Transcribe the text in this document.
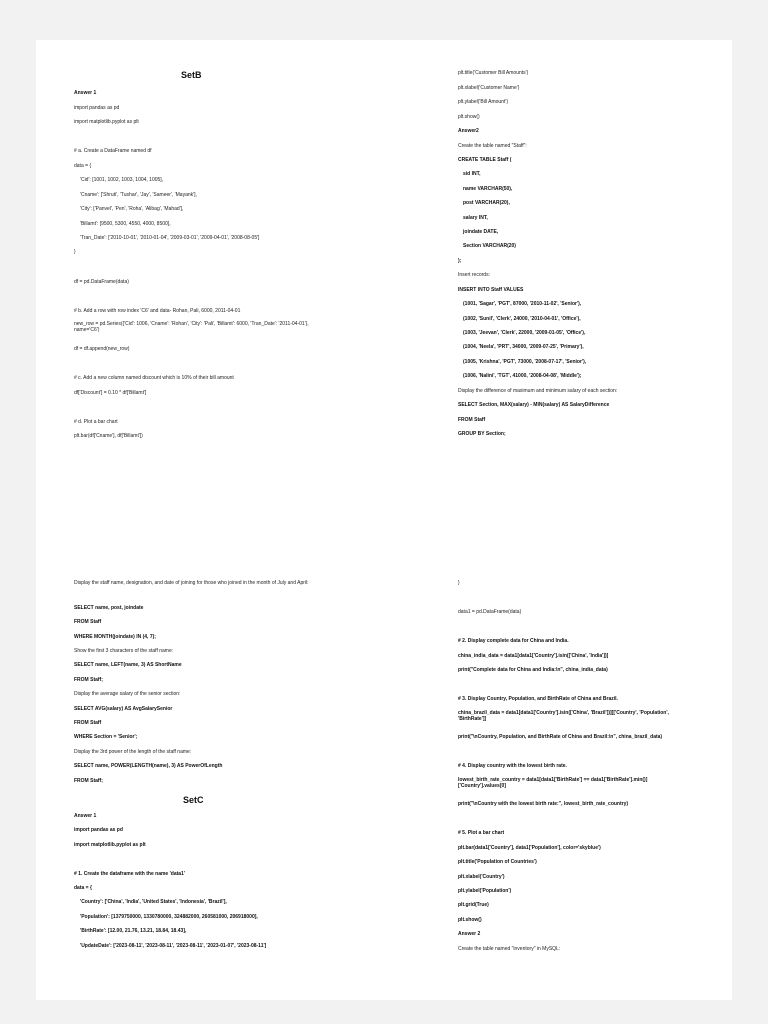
SetB
Answer 1
import pandas as pd
import matplotlib.pyplot as plt
# a. Create a DataFrame named df
data = {
'Cid': [1001, 1002, 1003, 1004, 1005],
'Cname': ['Shruti', 'Tushar', 'Jay', 'Sameer', 'Mayank'],
'City': ['Panvel', 'Pen', 'Roha', 'Alibag', 'Mahad'],
'Billamt': [9500, 5300, 4550, 4000, 8500],
'Tran_Date': ['2010-10-01', '2010-01-04', '2009-03-01', '2009-04-01', '2008-08-05']
}
df = pd.DataFrame(data)
# b. Add a row with row index 'C6' and data- Rohan, Pali, 6000, 2011-04-01
new_row = pd.Series({'Cid': 1006, 'Cname': 'Rohan', 'City': 'Pali', 'Billamt': 6000, 'Tran_Date': '2011-04-01'}, name='C6')
df = df.append(new_row)
# c. Add a new column named discount which is 10% of their bill amount
df['Discount'] = 0.10 * df['Billamt']
# d. Plot a bar chart
plt.bar(df['Cname'], df['Billamt'])
plt.title('Customer Bill Amounts')
plt.xlabel('Customer Name')
plt.ylabel('Bill Amount')
plt.show()
Answer2
Create the table named "Staff":
CREATE TABLE Staff (
sid INT,
name VARCHAR(50),
post VARCHAR(20),
salary INT,
joindate DATE,
Section VARCHAR(20)
);
Insert records:
INSERT INTO Staff VALUES
(1001, 'Sagar', 'PGT', 87000, '2010-11-02', 'Senior'),
(1002, 'Sunil', 'Clerk', 24000, '2010-04-01', 'Office'),
(1003, 'Jeevan', 'Clerk', 22000, '2009-01-05', 'Office'),
(1004, 'Neela', 'PRT', 34000, '2009-07-25', 'Primary'),
(1005, 'Krishna', 'PGT', 73000, '2008-07-17', 'Senior'),
(1006, 'Nalini', 'TGT', 41000, '2008-04-08', 'Middle');
Display the difference of maximum and minimum salary of each section:
SELECT Section, MAX(salary) - MIN(salary) AS SalaryDifference
FROM Staff
GROUP BY Section;
Display the staff name, designation, and date of joining for those who joined in the month of July and April:
SELECT name, post, joindate
FROM Staff
WHERE MONTH(joindate) IN (4, 7);
Show the first 3 characters of the staff name:
SELECT name, LEFT(name, 3) AS ShortName
FROM Staff;
Display the average salary of the senior section:
SELECT AVG(salary) AS AvgSalarySenior
FROM Staff
WHERE Section = 'Senior';
Display the 3rd power of the length of the staff name:
SELECT name, POWER(LENGTH(name), 3) AS PowerOfLength
FROM Staff;
SetC
Answer 1
import pandas as pd
import matplotlib.pyplot as plt
# 1. Create the dataframe with the name 'data1'
data = {
'Country': ['China', 'India', 'United States', 'Indonesia', 'Brazil'],
'Population': [1379750000, 1330780000, 324882000, 260581000, 206918000],
'BirthRate': [12.00, 21.76, 13.21, 18.84, 18.43],
'UpdateDate': ['2023-08-11', '2023-08-11', '2023-08-11', '2023-01-07', '2023-08-11']
}
data1 = pd.DataFrame(data)
# 2. Display complete data for China and India.
china_india_data = data1[data1['Country'].isin(['China', 'India'])]
print("Complete data for China and India:\n", china_india_data)
# 3. Display Country, Population, and BirthRate of China and Brazil.
china_brazil_data = data1[data1['Country'].isin(['China', 'Brazil'])][['Country', 'Population', 'BirthRate']]
print("\nCountry, Population, and BirthRate of China and Brazil:\n", china_brazil_data)
# 4. Display country with the lowest birth rate.
lowest_birth_rate_country = data1[data1['BirthRate'] == data1['BirthRate'].min()]['Country'].values[0]
print("\nCountry with the lowest birth rate:", lowest_birth_rate_country)
# 5. Plot a bar chart
plt.bar(data1['Country'], data1['Population'], color='skyblue')
plt.title('Population of Countries')
plt.xlabel('Country')
plt.ylabel('Population')
plt.grid(True)
plt.show()
Answer 2
Create the table named "inventory" in MySQL:
